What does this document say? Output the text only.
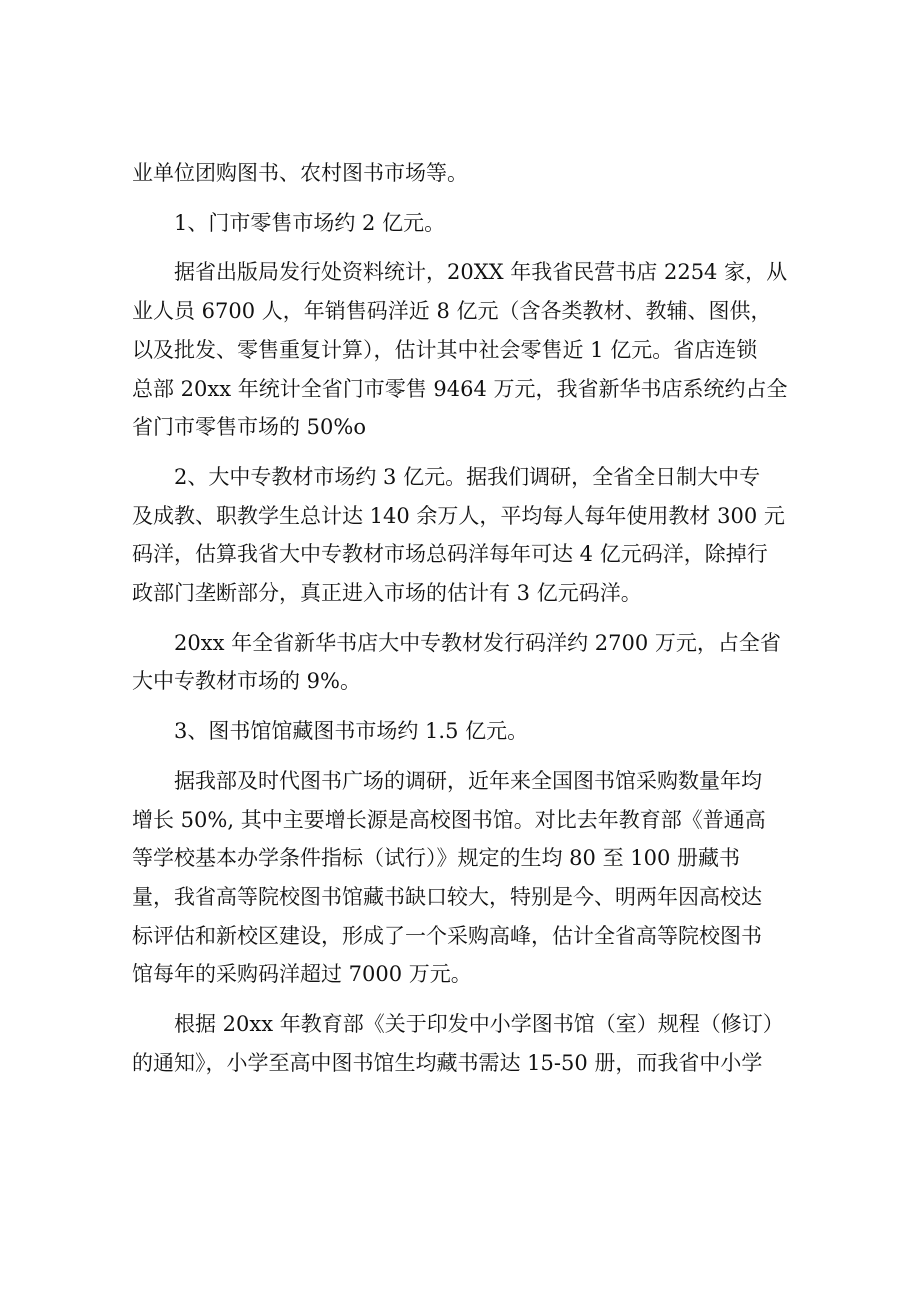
业单位团购图书、农村图书市场等。
1、门市零售市场约 2 亿元。
据省出版局发行处资料统计，20XX 年我省民营书店 2254 家，从
业人员 6700 人，年销售码洋近 8 亿元（含各类教材、教辅、图供，
以及批发、零售重复计算），估计其中社会零售近 1 亿元。省店连锁
总部 20xx 年统计全省门市零售 9464 万元，我省新华书店系统约占全
省门市零售市场的 50%o
2、大中专教材市场约 3 亿元。据我们调研，全省全日制大中专
及成教、职教学生总计达 140 余万人，平均每人每年使用教材 300 元
码洋，估算我省大中专教材市场总码洋每年可达 4 亿元码洋，除掉行
政部门垄断部分，真正进入市场的估计有 3 亿元码洋。
20xx 年全省新华书店大中专教材发行码洋约 2700 万元，占全省
大中专教材市场的 9%。
3、图书馆馆藏图书市场约 1.5 亿元。
据我部及时代图书广场的调研，近年来全国图书馆采购数量年均
增长 50%, 其中主要增长源是高校图书馆。对比去年教育部《普通高
等学校基本办学条件指标（试行）》规定的生均 80 至 100 册藏书
量，我省高等院校图书馆藏书缺口较大，特别是今、明两年因高校达
标评估和新校区建设，形成了一个采购高峰，估计全省高等院校图书
馆每年的采购码洋超过 7000 万元。
根据 20xx 年教育部《关于印发中小学图书馆（室）规程（修订）
的通知》，小学至高中图书馆生均藏书需达 15-50 册，而我省中小学
